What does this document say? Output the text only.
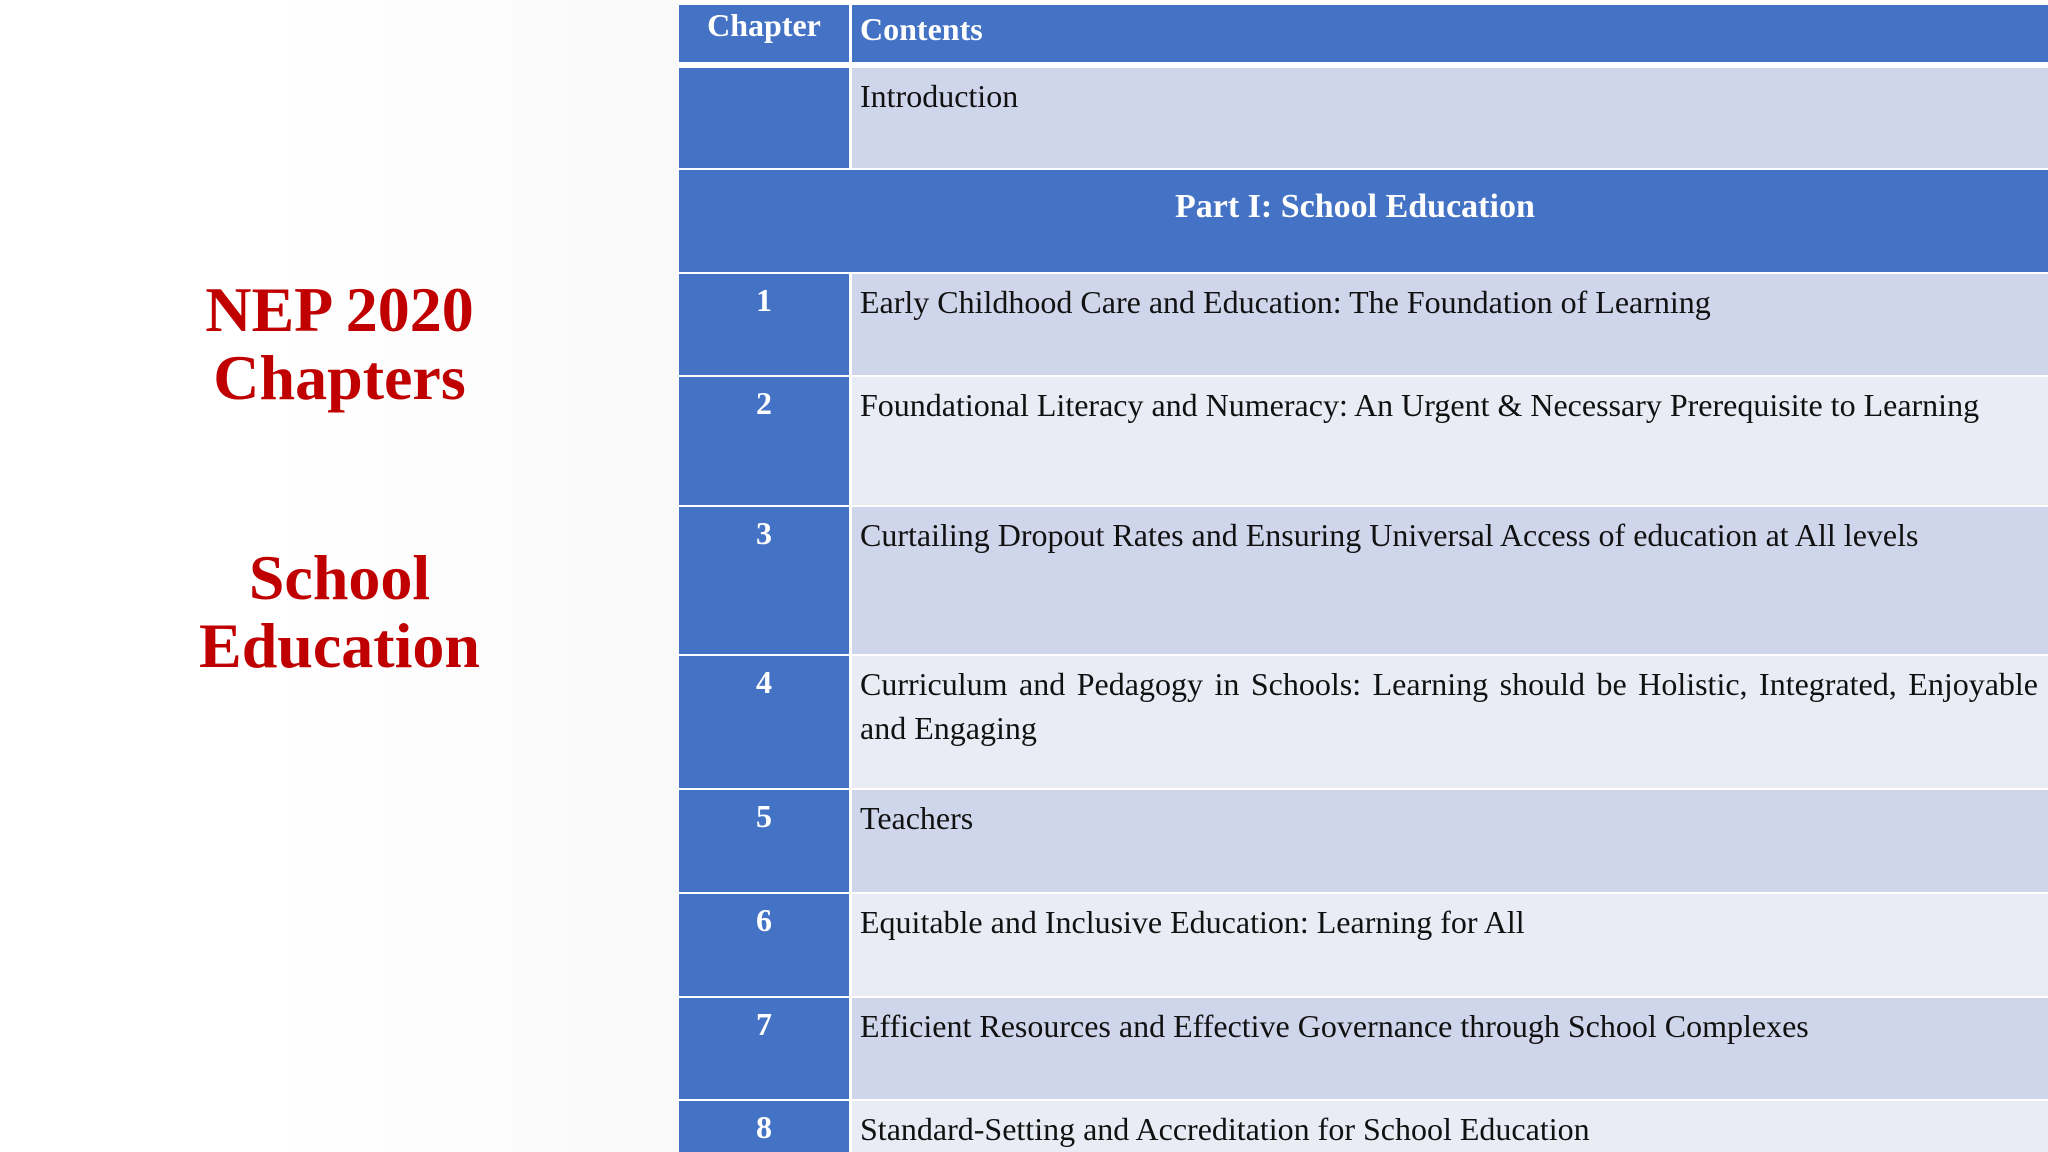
NEP 2020
Chapters
School
Education
Chapter	Contents
Introduction
Part I: School Education
1	Early Childhood Care and Education: The Foundation of Learning
2	Foundational Literacy and Numeracy: An Urgent & Necessary Prerequisite to Learning
3	Curtailing Dropout Rates and Ensuring Universal Access of education at All levels
4	Curriculum and Pedagogy in Schools: Learning should be Holistic, Integrated, Enjoyable and Engaging
5	Teachers
6	Equitable and Inclusive Education: Learning for All
7	Efficient Resources and Effective Governance through School Complexes
8	Standard-Setting and Accreditation for School Education
